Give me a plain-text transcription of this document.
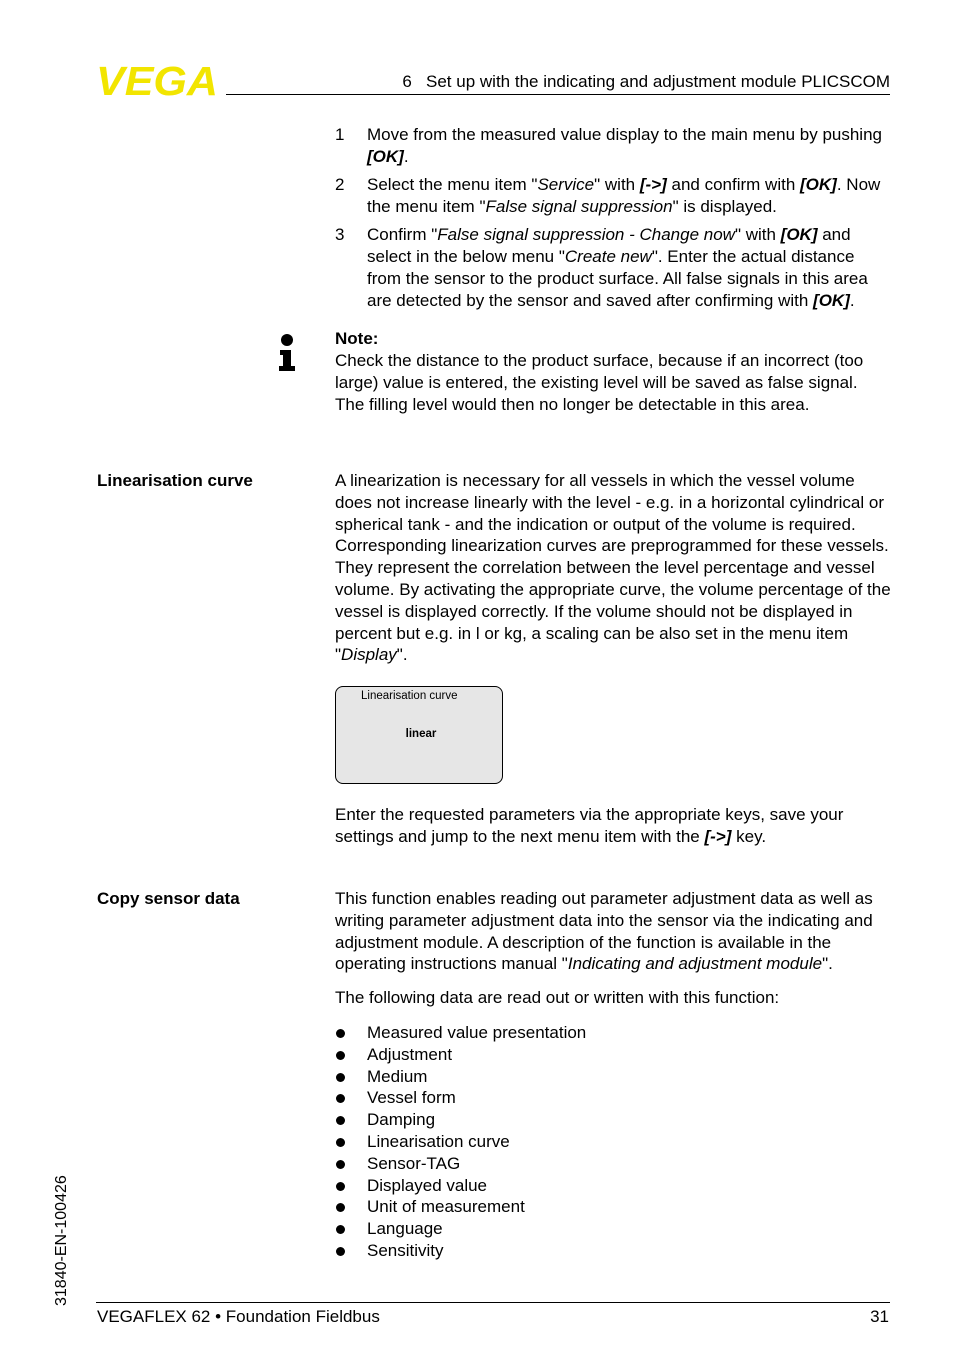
VEGA	6   Set up with the indicating and adjustment module PLICSCOM
1 Move from the measured value display to the main menu by pushing [OK].
2 Select the menu item "Service" with [->] and confirm with [OK]. Now the menu item "False signal suppression" is displayed.
3 Confirm "False signal suppression - Change now" with [OK] and select in the below menu "Create new". Enter the actual distance from the sensor to the product surface. All false signals in this area are detected by the sensor and saved after confirming with [OK].
Note:
Check the distance to the product surface, because if an incorrect (too large) value is entered, the existing level will be saved as false signal. The filling level would then no longer be detectable in this area.
Linearisation curve	A linearization is necessary for all vessels in which the vessel volume does not increase linearly with the level - e.g. in a horizontal cylindrical or spherical tank - and the indication or output of the volume is required. Corresponding linearization curves are preprogrammed for these vessels. They represent the correlation between the level percentage and vessel volume. By activating the appropriate curve, the volume percentage of the vessel is displayed correctly. If the volume should not be displayed in percent but e.g. in l or kg, a scaling can be also set in the menu item "Display".
Linearisation curve
linear
Enter the requested parameters via the appropriate keys, save your settings and jump to the next menu item with the [->] key.
Copy sensor data	This function enables reading out parameter adjustment data as well as writing parameter adjustment data into the sensor via the indicating and adjustment module. A description of the function is available in the operating instructions manual "Indicating and adjustment module".
The following data are read out or written with this function:
Measured value presentation
Adjustment
Medium
Vessel form
Damping
Linearisation curve
Sensor-TAG
Displayed value
Unit of measurement
Language
Sensitivity
31840-EN-100426
VEGAFLEX 62 • Foundation Fieldbus	31
